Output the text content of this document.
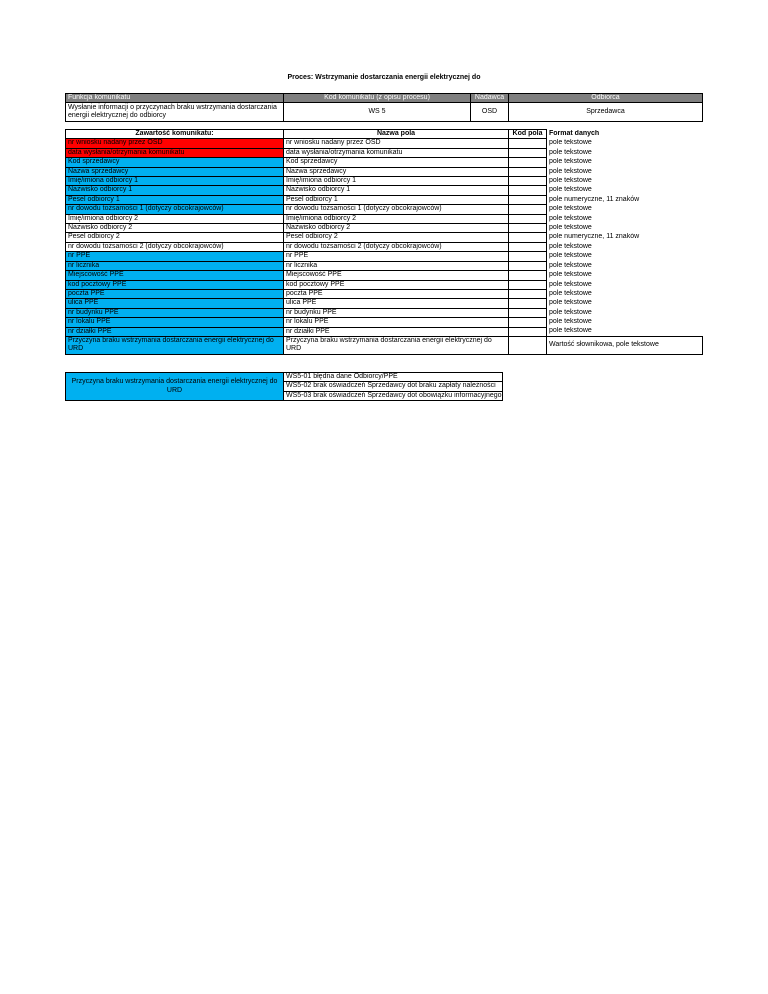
Proces: Wstrzymanie dostarczania energii elektrycznej do
Funkcja komunikatu	Kod komunikatu (z opisu procesu)	Nadawca	Odbiorca
Wysłanie informacji o przyczynach braku wstrzymania dostarczania energii elektrycznej do odbiorcy	WS 5	OSD	Sprzedawca
Zawartość komunikatu:	Nazwa pola	Kod pola	Format danych
nr wniosku nadany przez OSD	nr wniosku nadany przez OSD		pole tekstowe
data wysłania/otrzymania komunikatu	data wysłania/otrzymania komunikatu		pole tekstowe
Kod sprzedawcy	Kod sprzedawcy		pole tekstowe
Nazwa sprzedawcy	Nazwa sprzedawcy		pole tekstowe
Imię/imiona odbiorcy 1	Imię/imiona odbiorcy 1		pole tekstowe
Nazwisko odbiorcy 1	Nazwisko odbiorcy 1		pole tekstowe
Pesel odbiorcy 1	Pesel odbiorcy 1		pole numeryczne, 11 znaków
nr dowodu tożsamości 1 (dotyczy obcokrajowców)	nr dowodu tożsamości 1 (dotyczy obcokrajowców)		pole tekstowe
Imię/imiona odbiorcy 2	Imię/imiona odbiorcy 2		pole tekstowe
Nazwisko odbiorcy 2	Nazwisko odbiorcy 2		pole tekstowe
Pesel odbiorcy 2	Pesel odbiorcy 2		pole numeryczne, 11 znaków
nr dowodu tożsamości 2 (dotyczy obcokrajowców)	nr dowodu tożsamości 2 (dotyczy obcokrajowców)		pole tekstowe
nr PPE	nr PPE		pole tekstowe
nr licznika	nr licznika		pole tekstowe
Miejscowość PPE	Miejscowość PPE		pole tekstowe
kod pocztowy PPE	kod pocztowy PPE		pole tekstowe
poczta PPE	poczta PPE		pole tekstowe
ulica PPE	ulica PPE		pole tekstowe
nr budynku PPE	nr budynku PPE		pole tekstowe
nr lokalu PPE	nr lokalu PPE		pole tekstowe
nr działki PPE	nr działki PPE		pole tekstowe
Przyczyna braku wstrzymania dostarczania energii elektrycznej do URD	Przyczyna braku wstrzymania dostarczania energii elektrycznej do URD		Wartość słownikowa, pole tekstowe
Przyczyna braku wstrzymania dostarczania energii elektrycznej do URD	WS5-01 błędna dane Odbiorcy/PPE
WS5-02 brak oświadczeń Sprzedawcy dot braku zapłaty należności
WS5-03 brak oświadczeń Sprzedawcy dot obowiązku informacyjnego
